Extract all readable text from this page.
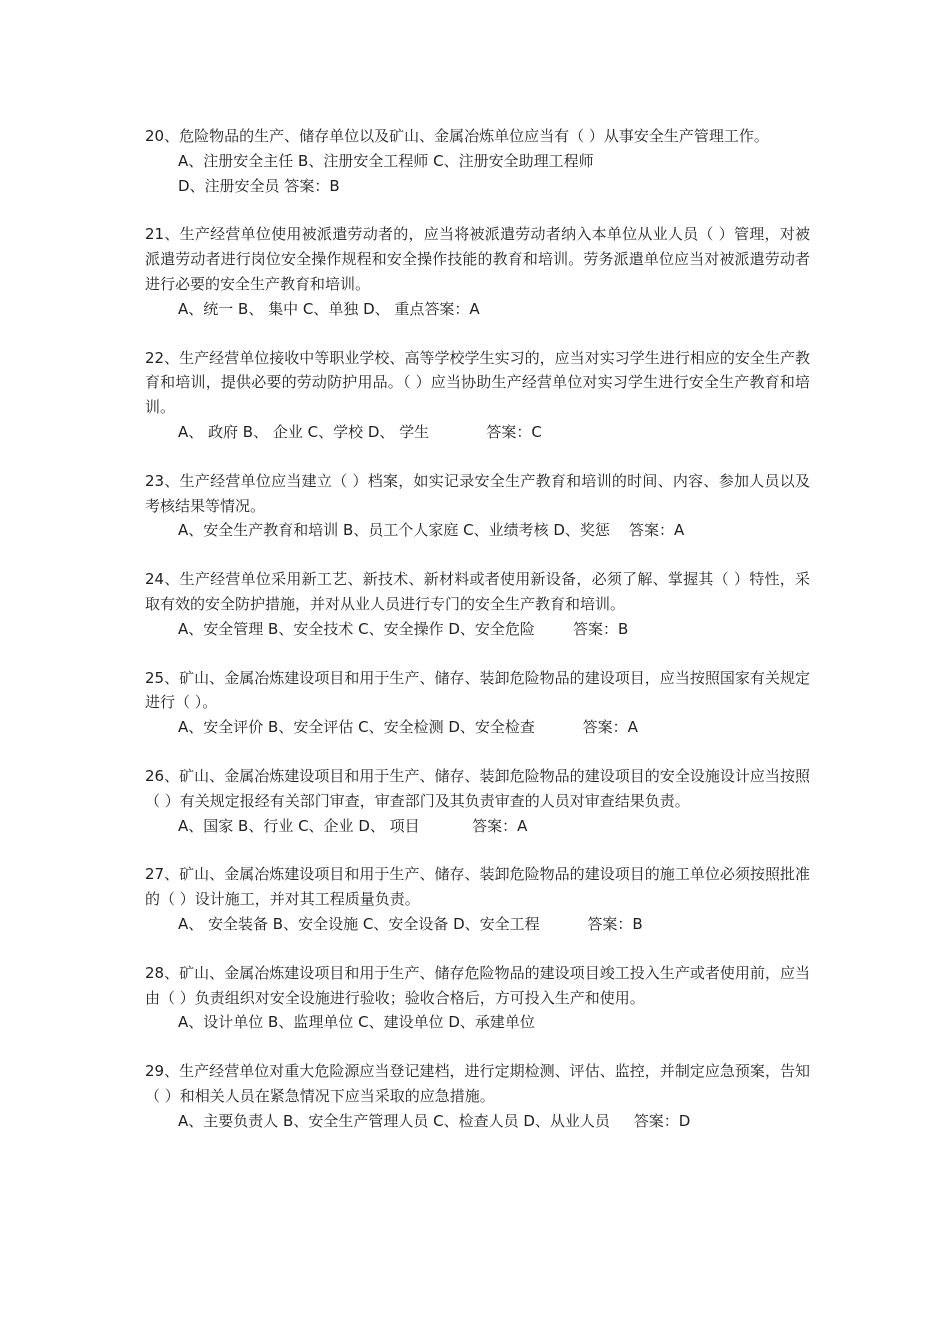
20、危险物品的生产、储存单位以及矿山、金属冶炼单位应当有（ ）从事安全生产管理工作。

A、注册安全主任 B、注册安全工程师 C、注册安全助理工程师

D、注册安全员 答案：B

21、生产经营单位使用被派遣劳动者的，应当将被派遣劳动者纳入本单位从业人员（ ）管理，对被派遣劳动者进行岗位安全操作规程和安全操作技能的教育和培训。劳务派遣单位应当对被派遣劳动者进行必要的安全生产教育和培训。

A、统一 B、 集中 C、单独 D、 重点答案：A

22、生产经营单位接收中等职业学校、高等学校学生实习的，应当对实习学生进行相应的安全生产教育和培训，提供必要的劳动防护用品。（ ）应当协助生产经营单位对实习学生进行安全生产教育和培训。

A、 政府 B、 企业 C、学校 D、 学生            答案：C

23、生产经营单位应当建立（ ）档案，如实记录安全生产教育和培训的时间、内容、参加人员以及考核结果等情况。

A、安全生产教育和培训 B、员工个人家庭 C、业绩考核 D、奖惩    答案：A

24、生产经营单位采用新工艺、新技术、新材料或者使用新设备，必须了解、掌握其（ ）特性，采取有效的安全防护措施，并对从业人员进行专门的安全生产教育和培训。

A、安全管理 B、安全技术 C、安全操作 D、安全危险        答案：B

25、矿山、金属冶炼建设项目和用于生产、储存、装卸危险物品的建设项目，应当按照国家有关规定进行（ ）。

A、安全评价 B、安全评估 C、安全检测 D、安全检查          答案：A

26、矿山、金属冶炼建设项目和用于生产、储存、装卸危险物品的建设项目的安全设施设计应当按照（ ）有关规定报经有关部门审查，审查部门及其负责审查的人员对审查结果负责。

A、国家 B、行业 C、企业 D、 项目           答案：A

27、矿山、金属冶炼建设项目和用于生产、储存、装卸危险物品的建设项目的施工单位必须按照批准的（ ）设计施工，并对其工程质量负责。

A、 安全装备 B、安全设施 C、安全设备 D、安全工程          答案：B

28、矿山、金属冶炼建设项目和用于生产、储存危险物品的建设项目竣工投入生产或者使用前，应当由（ ）负责组织对安全设施进行验收；验收合格后，方可投入生产和使用。

A、设计单位 B、监理单位 C、建设单位 D、承建单位

29、生产经营单位对重大危险源应当登记建档，进行定期检测、评估、监控，并制定应急预案，告知（ ）和相关人员在紧急情况下应当采取的应急措施。

A、主要负责人 B、安全生产管理人员 C、检查人员 D、从业人员     答案：D
